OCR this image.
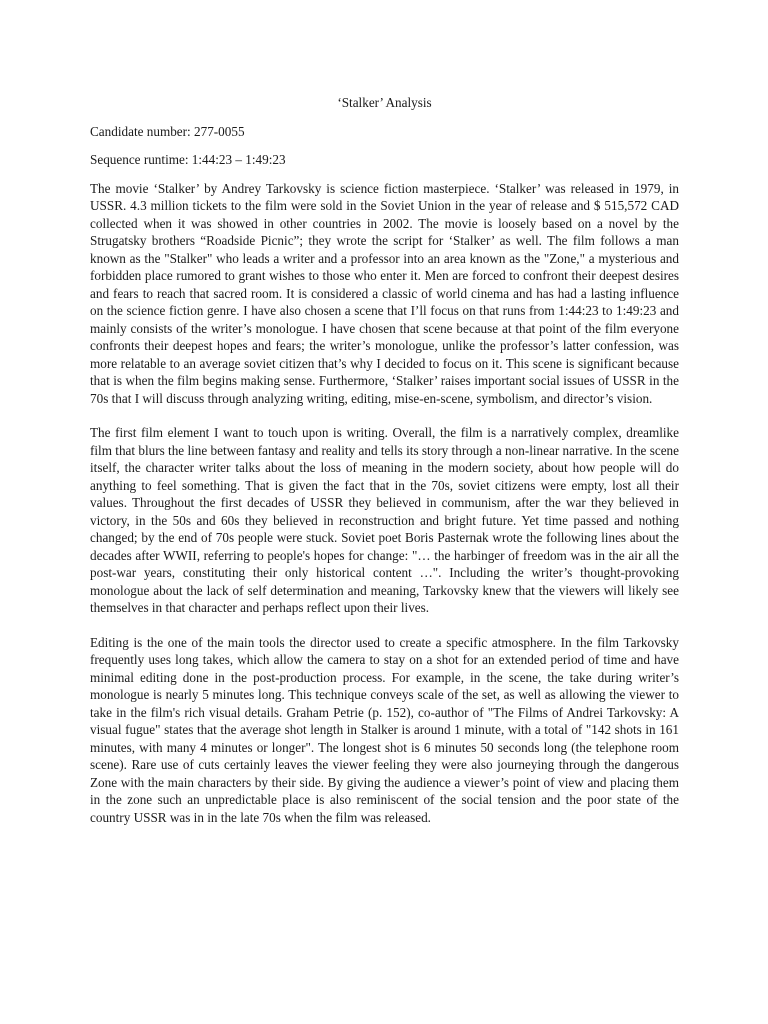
‘Stalker’ Analysis
Candidate number: 277-0055
Sequence runtime: 1:44:23 – 1:49:23

The movie ‘Stalker’ by Andrey Tarkovsky is science fiction masterpiece. ‘Stalker’ was released in 1979, in USSR. 4.3 million tickets to the film were sold in the Soviet Union in the year of release and $ 515,572 CAD collected when it was showed in other countries in 2002. The movie is loosely based on a novel by the Strugatsky brothers “Roadside Picnic”; they wrote the script for ‘Stalker’ as well. The film follows a man known as the "Stalker" who leads a writer and a professor into an area known as the "Zone," a mysterious and forbidden place rumored to grant wishes to those who enter it. Men are forced to confront their deepest desires and fears to reach that sacred room. It is considered a classic of world cinema and has had a lasting influence on the science fiction genre. I have also chosen a scene that I’ll focus on that runs from 1:44:23 to 1:49:23 and mainly consists of the writer’s monologue. I have chosen that scene because at that point of the film everyone confronts their deepest hopes and fears; the writer’s monologue, unlike the professor’s latter confession, was more relatable to an average soviet citizen that’s why I decided to focus on it. This scene is significant because that is when the film begins making sense. Furthermore, ‘Stalker’ raises important social issues of USSR in the 70s that I will discuss through analyzing writing, editing, mise-en-scene, symbolism, and director’s vision.

The first film element I want to touch upon is writing. Overall, the film is a narratively complex, dreamlike film that blurs the line between fantasy and reality and tells its story through a non-linear narrative. In the scene itself, the character writer talks about the loss of meaning in the modern society, about how people will do anything to feel something. That is given the fact that in the 70s, soviet citizens were empty, lost all their values. Throughout the first decades of USSR they believed in communism, after the war they believed in victory, in the 50s and 60s they believed in reconstruction and bright future. Yet time passed and nothing changed; by the end of 70s people were stuck. Soviet poet Boris Pasternak wrote the following lines about the decades after WWII, referring to people's hopes for change: "… the harbinger of freedom was in the air all the post-war years, constituting their only historical content …". Including the writer’s thought-provoking monologue about the lack of self determination and meaning, Tarkovsky knew that the viewers will likely see themselves in that character and perhaps reflect upon their lives.

Editing is the one of the main tools the director used to create a specific atmosphere. In the film Tarkovsky frequently uses long takes, which allow the camera to stay on a shot for an extended period of time and have minimal editing done in the post-production process. For example, in the scene, the take during writer’s monologue is nearly 5 minutes long. This technique conveys scale of the set, as well as allowing the viewer to take in the film's rich visual details. Graham Petrie (p. 152), co-author of "The Films of Andrei Tarkovsky: A visual fugue" states that the average shot length in Stalker is around 1 minute, with a total of "142 shots in 161 minutes, with many 4 minutes or longer". The longest shot is 6 minutes 50 seconds long (the telephone room scene). Rare use of cuts certainly leaves the viewer feeling they were also journeying through the dangerous Zone with the main characters by their side. By giving the audience a viewer’s point of view and placing them in the zone such an unpredictable place is also reminiscent of the social tension and the poor state of the country USSR was in in the late 70s when the film was released.
